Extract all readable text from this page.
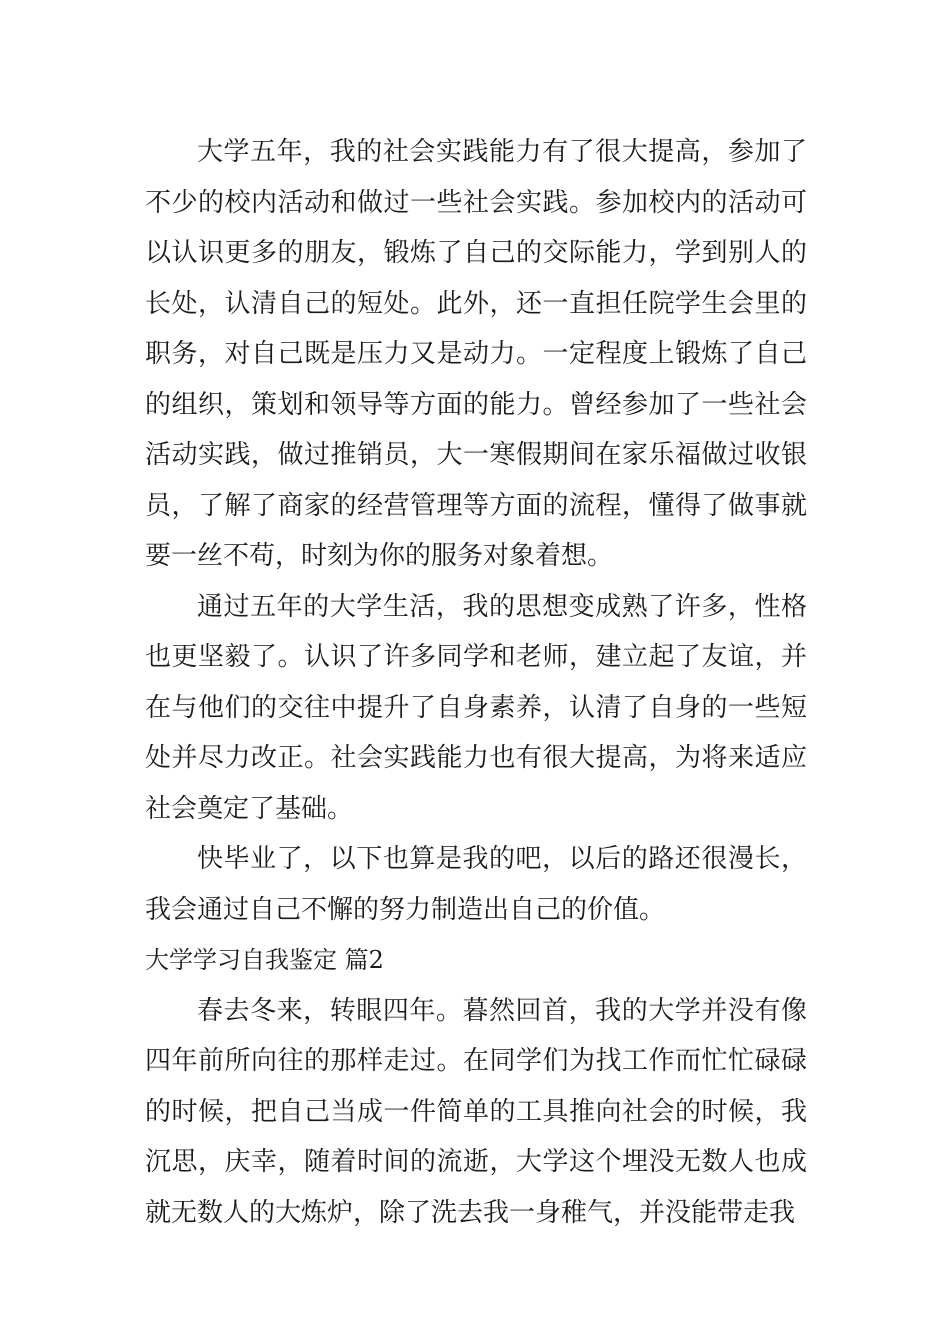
大学五年，我的社会实践能力有了很大提高，参加了不少的校内活动和做过一些社会实践。参加校内的活动可以认识更多的朋友，锻炼了自己的交际能力，学到别人的长处，认清自己的短处。此外，还一直担任院学生会里的职务，对自己既是压力又是动力。一定程度上锻炼了自己的组织，策划和领导等方面的能力。曾经参加了一些社会活动实践，做过推销员，大一寒假期间在家乐福做过收银员，了解了商家的经营管理等方面的流程，懂得了做事就要一丝不苟，时刻为你的服务对象着想。

通过五年的大学生活，我的思想变成熟了许多，性格也更坚毅了。认识了许多同学和老师，建立起了友谊，并在与他们的交往中提升了自身素养，认清了自身的一些短处并尽力改正。社会实践能力也有很大提高，为将来适应社会奠定了基础。

快毕业了，以下也算是我的吧，以后的路还很漫长，我会通过自己不懈的努力制造出自己的价值。

大学学习自我鉴定 篇2

春去冬来，转眼四年。暮然回首，我的大学并没有像四年前所向往的那样走过。在同学们为找工作而忙忙碌碌的时候，把自己当成一件简单的工具推向社会的时候，我沉思，庆幸，随着时间的流逝，大学这个埋没无数人也成就无数人的大炼炉，除了洗去我一身稚气，并没能带走我
